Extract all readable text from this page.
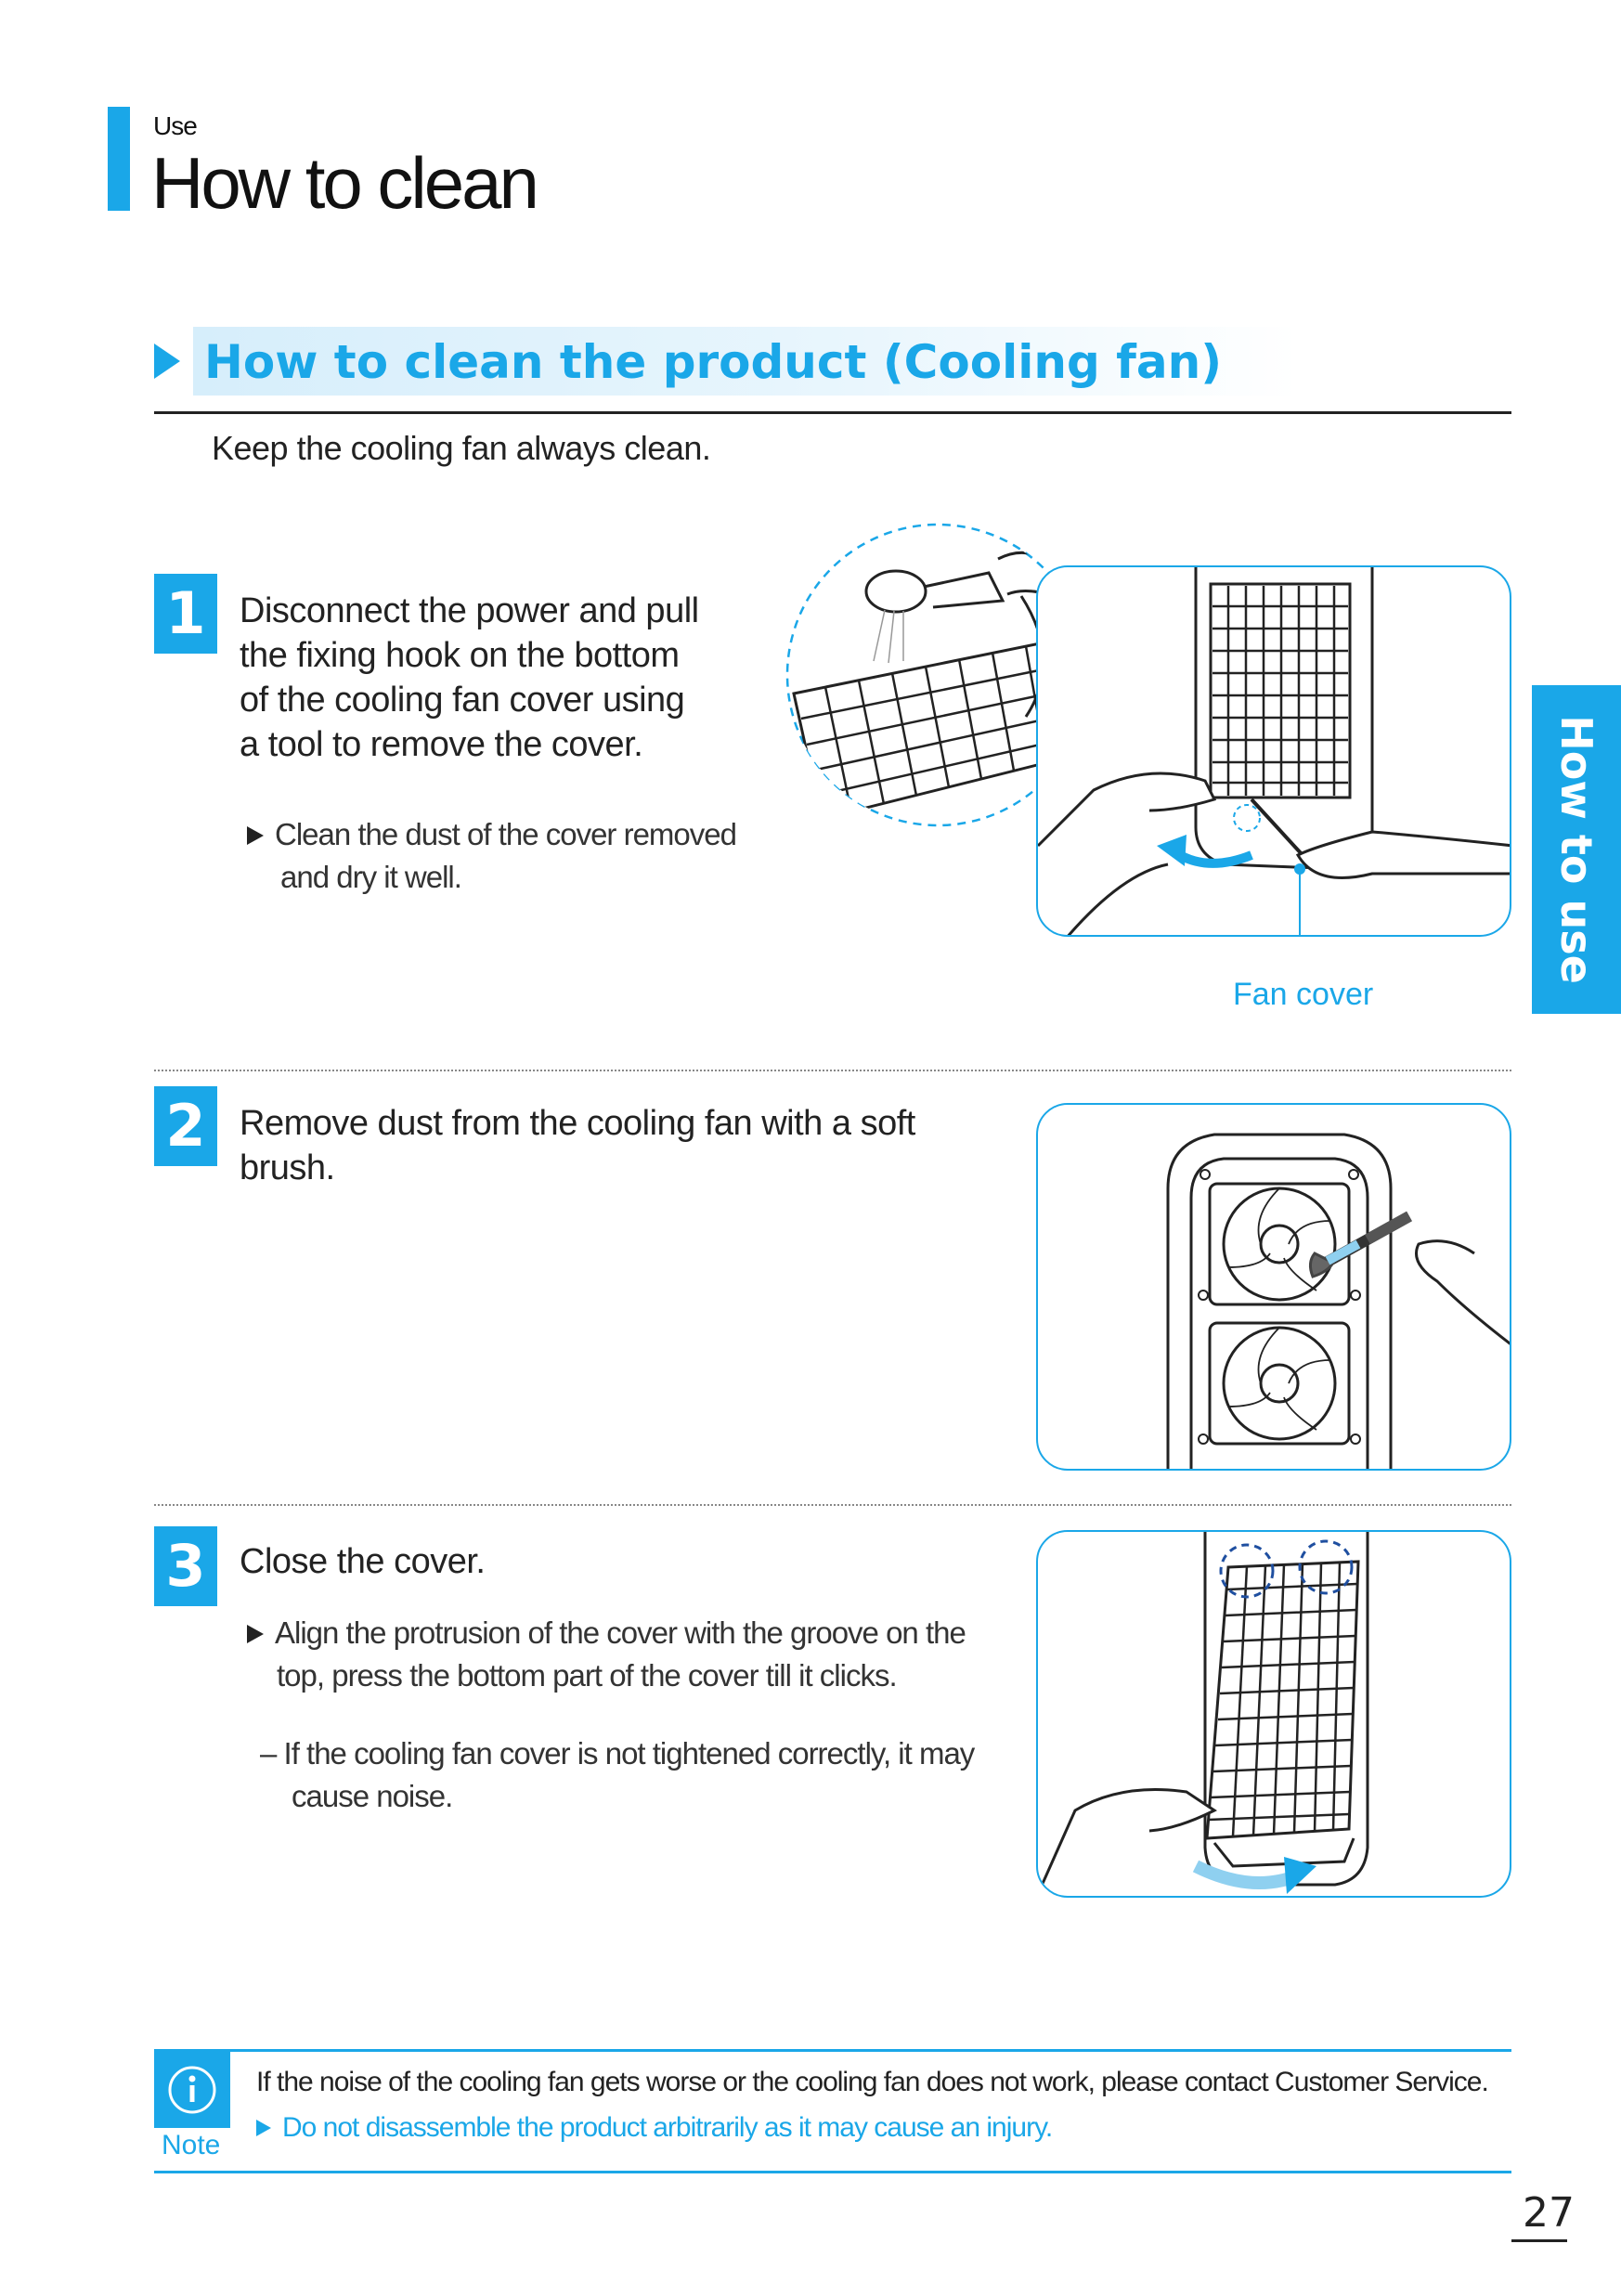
Use
How to clean
How to clean the product (Cooling fan)
Keep the cooling fan always clean.
1 Disconnect the power and pull
the fixing hook on the bottom
of the cooling fan cover using
a tool to remove the cover.
Clean the dust of the cover removed
and dry it well.
Fan cover
How to use
2 Remove dust from the cooling fan with a soft
brush.
3 Close the cover.
Align the protrusion of the cover with the groove on the
top, press the bottom part of the cover till it clicks.
– If the cooling fan cover is not tightened correctly, it may
cause noise.
Note
If the noise of the cooling fan gets worse or the cooling fan does not work, please contact Customer Service.
Do not disassemble the product arbitrarily as it may cause an injury.
27
